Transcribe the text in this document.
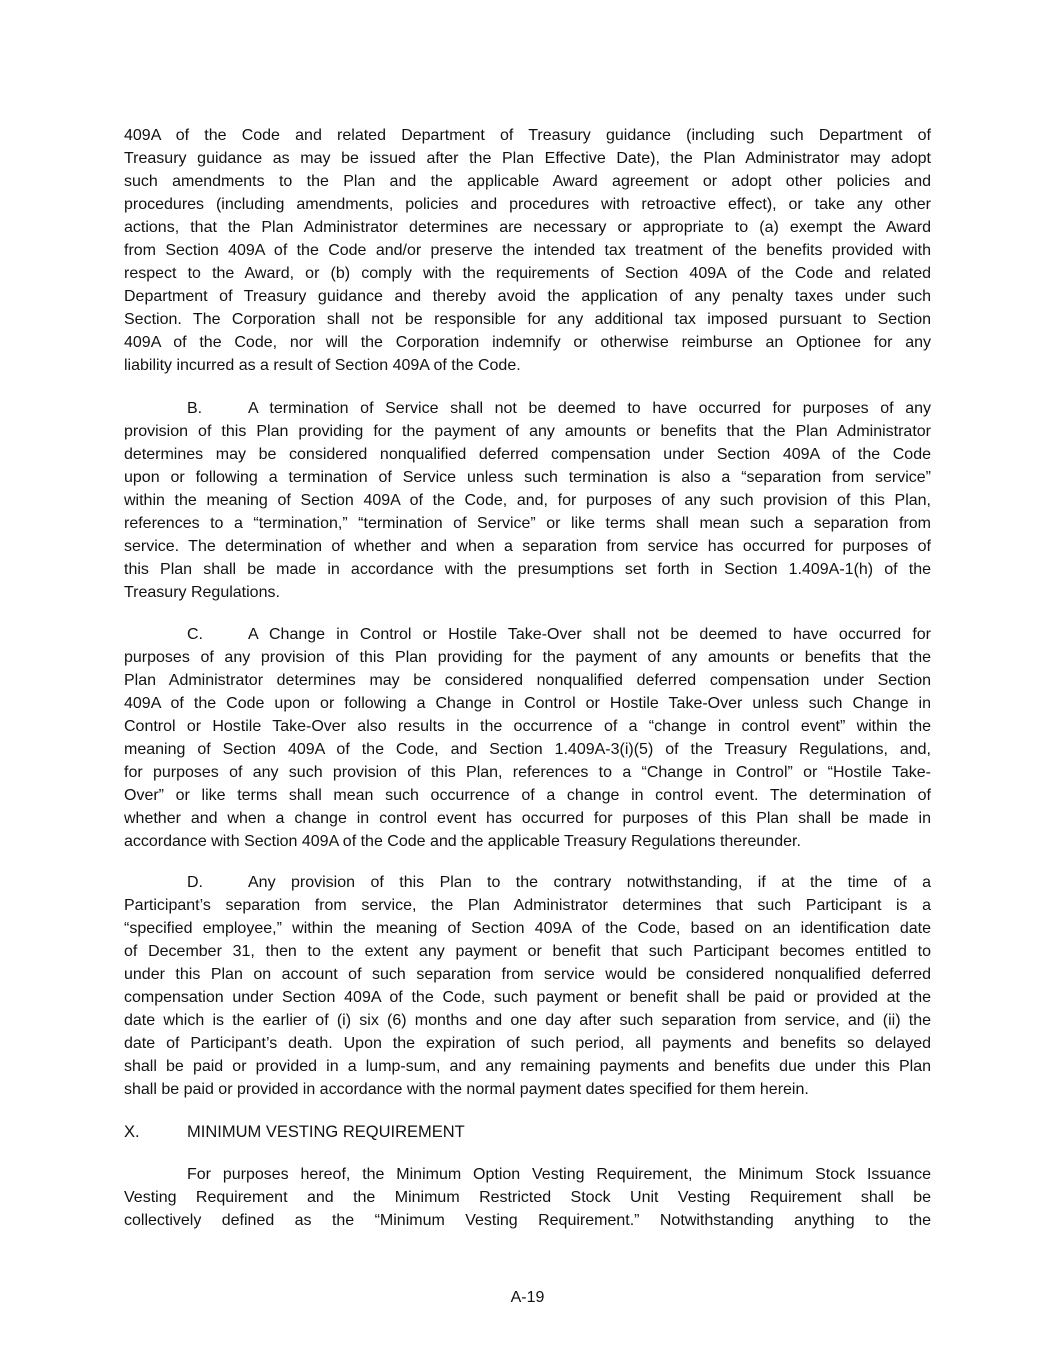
409A of the Code and related Department of Treasury guidance (including such Department of
Treasury guidance as may be issued after the Plan Effective Date), the Plan Administrator may adopt
such amendments to the Plan and the applicable Award agreement or adopt other policies and
procedures (including amendments, policies and procedures with retroactive effect), or take any other
actions, that the Plan Administrator determines are necessary or appropriate to (a) exempt the Award
from Section 409A of the Code and/or preserve the intended tax treatment of the benefits provided with
respect to the Award, or (b) comply with the requirements of Section 409A of the Code and related
Department of Treasury guidance and thereby avoid the application of any penalty taxes under such
Section. The Corporation shall not be responsible for any additional tax imposed pursuant to Section
409A of the Code, nor will the Corporation indemnify or otherwise reimburse an Optionee for any
liability incurred as a result of Section 409A of the Code.
B.	A termination of Service shall not be deemed to have occurred for purposes of any
provision of this Plan providing for the payment of any amounts or benefits that the Plan Administrator
determines may be considered nonqualified deferred compensation under Section 409A of the Code
upon or following a termination of Service unless such termination is also a “separation from service”
within the meaning of Section 409A of the Code, and, for purposes of any such provision of this Plan,
references to a “termination,” “termination of Service” or like terms shall mean such a separation from
service. The determination of whether and when a separation from service has occurred for purposes of
this Plan shall be made in accordance with the presumptions set forth in Section 1.409A-1(h) of the
Treasury Regulations.
C.	A Change in Control or Hostile Take-Over shall not be deemed to have occurred for
purposes of any provision of this Plan providing for the payment of any amounts or benefits that the
Plan Administrator determines may be considered nonqualified deferred compensation under Section
409A of the Code upon or following a Change in Control or Hostile Take-Over unless such Change in
Control or Hostile Take-Over also results in the occurrence of a “change in control event” within the
meaning of Section 409A of the Code, and Section 1.409A-3(i)(5) of the Treasury Regulations, and,
for purposes of any such provision of this Plan, references to a “Change in Control” or “Hostile Take-
Over” or like terms shall mean such occurrence of a change in control event. The determination of
whether and when a change in control event has occurred for purposes of this Plan shall be made in
accordance with Section 409A of the Code and the applicable Treasury Regulations thereunder.
D.	Any provision of this Plan to the contrary notwithstanding, if at the time of a
Participant’s separation from service, the Plan Administrator determines that such Participant is a
“specified employee,” within the meaning of Section 409A of the Code, based on an identification date
of December 31, then to the extent any payment or benefit that such Participant becomes entitled to
under this Plan on account of such separation from service would be considered nonqualified deferred
compensation under Section 409A of the Code, such payment or benefit shall be paid or provided at the
date which is the earlier of (i) six (6) months and one day after such separation from service, and (ii) the
date of Participant’s death. Upon the expiration of such period, all payments and benefits so delayed
shall be paid or provided in a lump-sum, and any remaining payments and benefits due under this Plan
shall be paid or provided in accordance with the normal payment dates specified for them herein.
X.	MINIMUM VESTING REQUIREMENT
For purposes hereof, the Minimum Option Vesting Requirement, the Minimum Stock Issuance
Vesting Requirement and the Minimum Restricted Stock Unit Vesting Requirement shall be
collectively defined as the “Minimum Vesting Requirement.” Notwithstanding anything to the
A-19
